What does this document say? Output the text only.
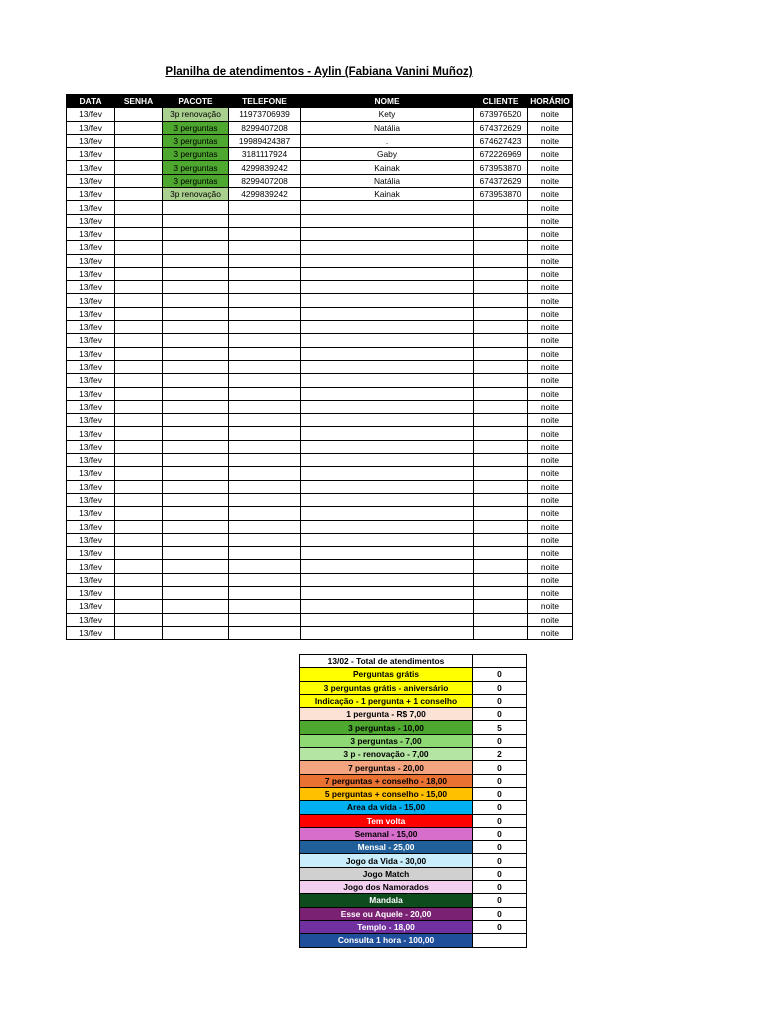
Planilha de atendimentos - Aylin (Fabiana Vanini Muñoz)
DATA	SENHA	PACOTE	TELEFONE	NOME	CLIENTE	HORÁRIO
13/fev		3p renovação	11973706939	Kety	673976520	noite
13/fev		3 perguntas	8299407208	Natália	674372629	noite
13/fev		3 perguntas	19989424387	.	674627423	noite
13/fev		3 perguntas	3181117924	Gaby	672226969	noite
13/fev		3 perguntas	4299839242	Kainak	673953870	noite
13/fev		3 perguntas	8299407208	Natália	674372629	noite
13/fev		3p renovação	4299839242	Kainak	673953870	noite
13/fev						noite
13/fev						noite
13/fev						noite
13/fev						noite
13/fev						noite
13/fev						noite
13/fev						noite
13/fev						noite
13/fev						noite
13/fev						noite
13/fev						noite
13/fev						noite
13/fev						noite
13/fev						noite
13/fev						noite
13/fev						noite
13/fev						noite
13/fev						noite
13/fev						noite
13/fev						noite
13/fev						noite
13/fev						noite
13/fev						noite
13/fev						noite
13/fev						noite
13/fev						noite
13/fev						noite
13/fev						noite
13/fev						noite
13/fev						noite
13/fev						noite
13/fev						noite
13/fev						noite
13/02 - Total de atendimentos	
Perguntas grátis	0
3 perguntas grátis - aniversário	0
Indicação - 1 pergunta + 1 conselho	0
1 pergunta - R$ 7,00	0
3 perguntas - 10,00	5
3 perguntas - 7,00	0
3 p - renovação - 7,00	2
7 perguntas - 20,00	0
7 perguntas + conselho - 18,00	0
5 perguntas + conselho - 15,00	0
Area da vida - 15,00	0
Tem volta	0
Semanal - 15,00	0
Mensal - 25,00	0
Jogo da Vida - 30,00	0
Jogo Match	0
Jogo dos Namorados	0
Mandala	0
Esse ou Aquele - 20,00	0
Templo - 18,00	0
Consulta 1 hora - 100,00	
